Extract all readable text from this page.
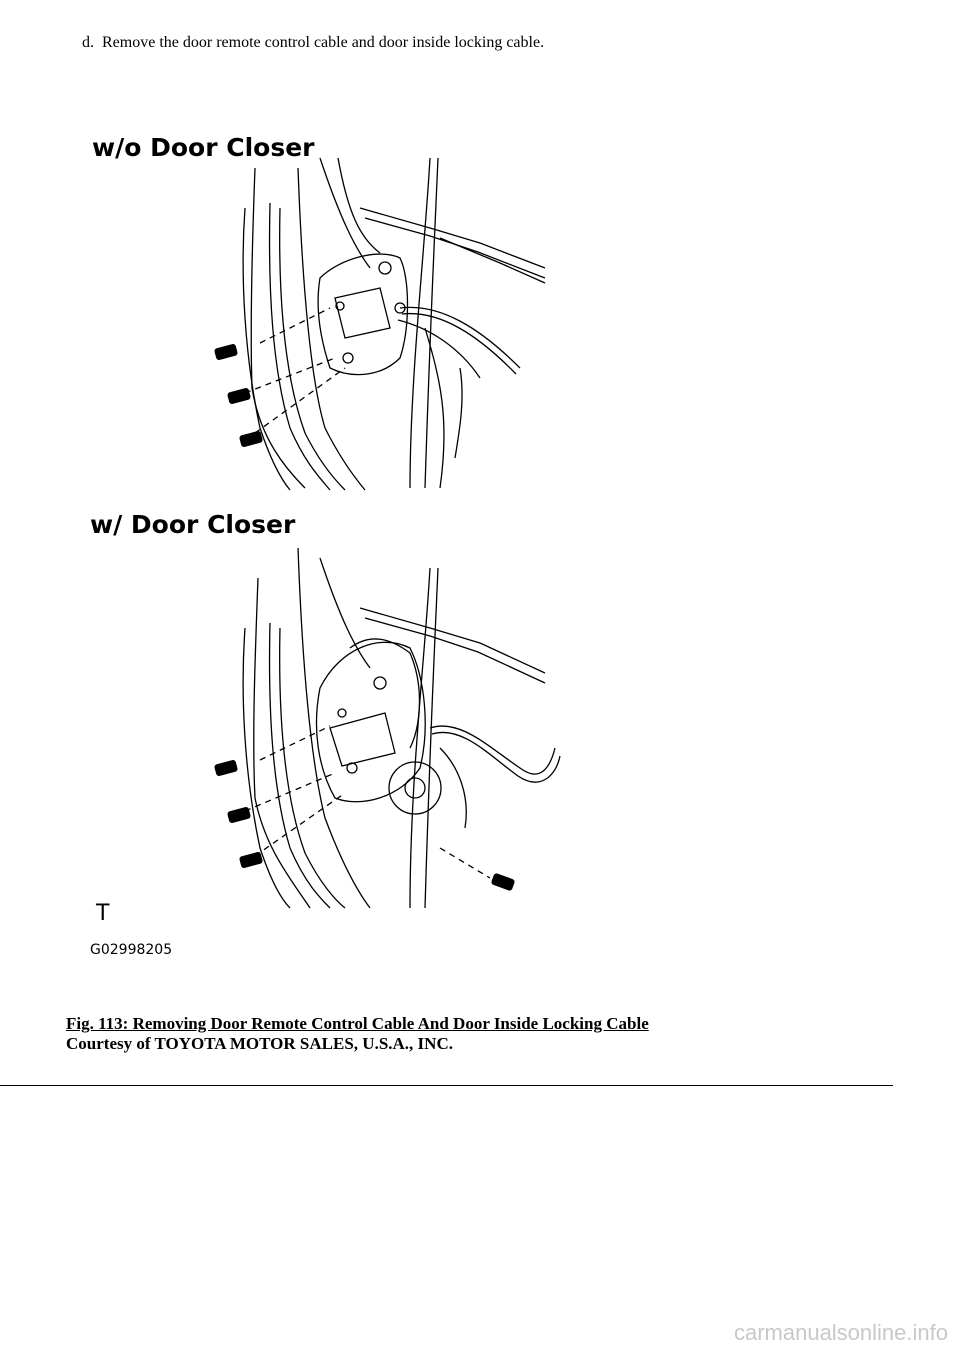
d.  Remove the door remote control cable and door inside locking cable.
w/o Door Closer
w/ Door Closer
T
G02998205
Fig. 113: Removing Door Remote Control Cable And Door Inside Locking Cable
Courtesy of TOYOTA MOTOR SALES, U.S.A., INC.
carmanualsonline.info
